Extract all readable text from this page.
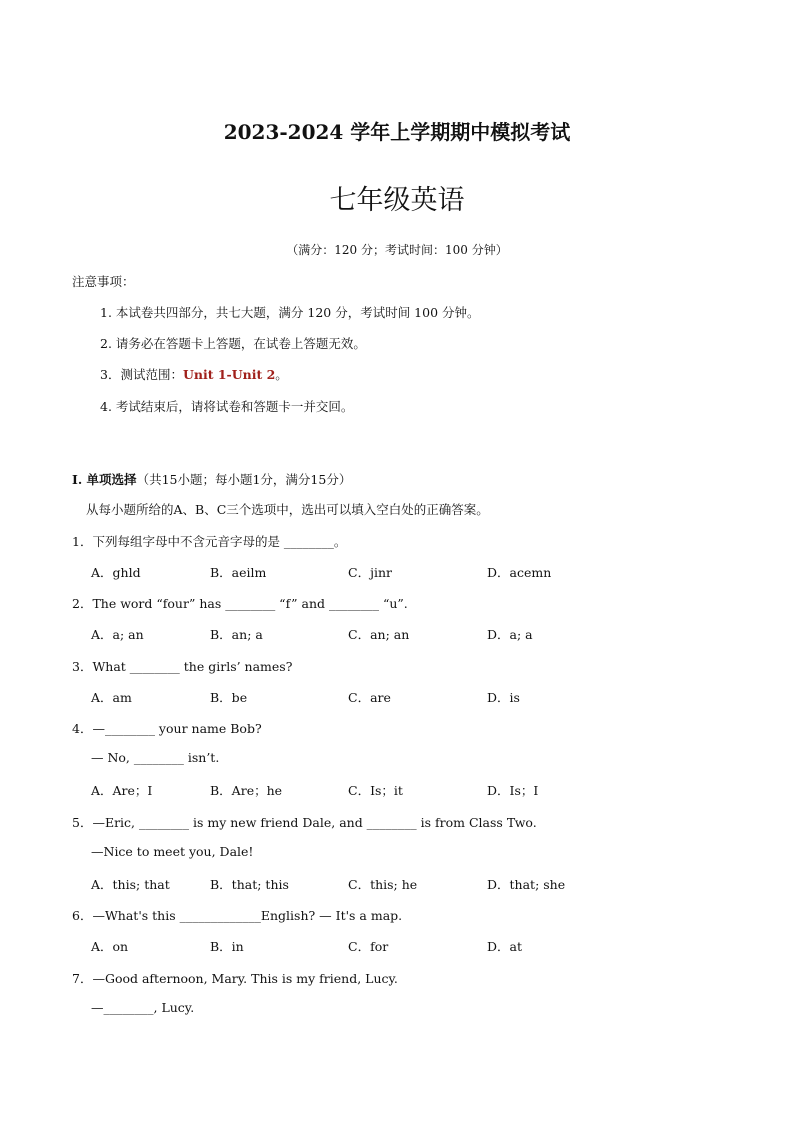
2023-2024 学年上学期期中模拟考试
七年级英语
（满分：120 分；考试时间：100 分钟）
注意事项：
1. 本试卷共四部分，共七大题，满分 120 分，考试时间 100 分钟。
2. 请务必在答题卡上答题，在试卷上答题无效。
3．测试范围：Unit 1-Unit 2。
4. 考试结束后，请将试卷和答题卡一并交回。
I. 单项选择（共15小题；每小题1分，满分15分）
从每小题所给的A、B、C三个选项中，选出可以填入空白处的正确答案。
1．下列每组字母中不含元音字母的是 ________。
A．ghld	B．aeilm	C．jinr	D．acemn
2．The word “four” has ________ “f” and ________ “u”.
A．a; an	B．an; a	C．an; an	D．a; a
3．What ________ the girls’ names?
A．am	B．be	C．are	D．is
4．—________ your name Bob?
— No, ________ isn’t.
A．Are；I	B．Are；he	C．Is；it	D．Is；I
5．—Eric, ________ is my new friend Dale, and ________ is from Class Two.
—Nice to meet you, Dale!
A．this; that	B．that; this	C．this; he	D．that; she
6．—What's this _____________English? — It's a map.
A．on	B．in	C．for	D．at
7．—Good afternoon, Mary. This is my friend, Lucy.
—________, Lucy.
